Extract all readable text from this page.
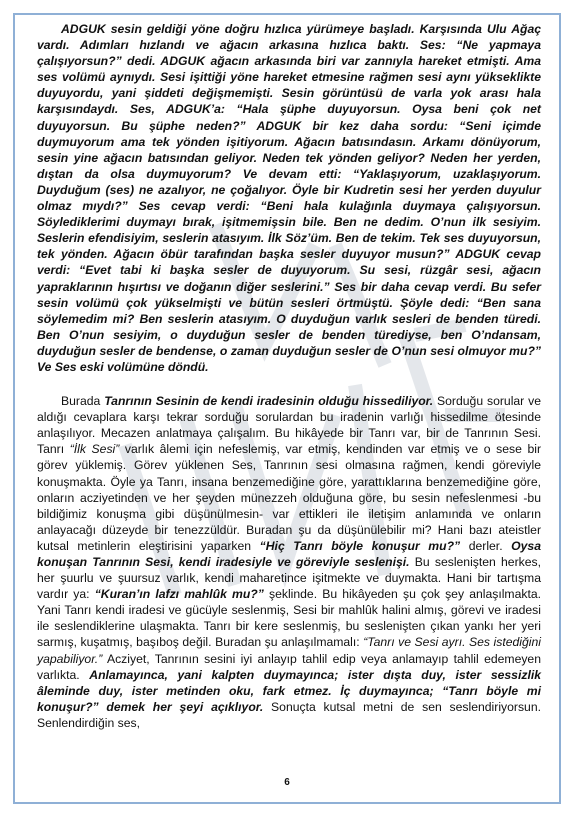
ADGUK sesin geldiği yöne doğru hızlıca yürümeye başladı. Karşısında Ulu Ağaç vardı. Adımları hızlandı ve ağacın arkasına hızlıca baktı. Ses: “Ne yapmaya çalışıyorsun?” dedi. ADGUK ağacın arkasında biri var zannıyla hareket etmişti. Ama ses volümü aynıydı. Sesi işittiği yöne hareket etmesine rağmen sesi aynı yükseklikte duyuyordu, yani şiddeti değişmemişti. Sesin görüntüsü de varla yok arası hala karşısındaydı. Ses, ADGUK’a: “Hala şüphe duyuyorsun. Oysa beni çok net duyuyorsun. Bu şüphe neden?” ADGUK bir kez daha sordu: “Seni içimde duymuyorum ama tek yönden işitiyorum. Ağacın batısındasın. Arkamı dönüyorum, sesin yine ağacın batısından geliyor. Neden tek yönden geliyor? Neden her yerden, dıştan da olsa duymuyorum? Ve devam etti: “Yaklaşıyorum, uzaklaşıyorum. Duyduğum (ses) ne azalıyor, ne çoğalıyor. Öyle bir Kudretin sesi her yerden duyulur olmaz mıydı?” Ses cevap verdi: “Beni hala kulağınla duymaya çalışıyorsun. Söylediklerimi duymayı bırak, işitmemişsin bile. Ben ne dedim. O’nun ilk sesiyim. Seslerin efendisiyim, seslerin atasıyım. İlk Söz’üm. Ben de tekim. Tek ses duyuyorsun, tek yönden. Ağacın öbür tarafından başka sesler duyuyor musun?” ADGUK cevap verdi: “Evet tabi ki başka sesler de duyuyorum. Su sesi, rüzgâr sesi, ağacın yapraklarının hışırtısı ve doğanın diğer seslerini.” Ses bir daha cevap verdi. Bu sefer sesin volümü çok yükselmişti ve bütün sesleri örtmüştü. Şöyle dedi: “Ben sana söylemedim mi? Ben seslerin atasıyım. O duyduğun varlık sesleri de benden türedi. Ben O’nun sesiyim, o duyduğun sesler de benden türediyse, ben O’ndansam, duyduğun sesler de bendense, o zaman duyduğun sesler de O’nun sesi olmuyor mu?” Ve Ses eski volümüne döndü.

Burada Tanrının Sesinin de kendi iradesinin olduğu hissediliyor. Sorduğu sorular ve aldığı cevaplara karşı tekrar sorduğu sorulardan bu iradenin varlığı hissedilme ötesinde anlaşılıyor. Mecazen anlatmaya çalışalım. Bu hikâyede bir Tanrı var, bir de Tanrının Sesi. Tanrı “İlk Sesi” varlık âlemi için nefeslemiş, var etmiş, kendinden var etmiş ve o sese bir görev yüklemiş. Görev yüklenen Ses, Tanrının sesi olmasına rağmen, kendi göreviyle konuşmakta. Öyle ya Tanrı, insana benzemediğine göre, yarattıklarına benzemediğine göre, onların acziyetinden ve her şeyden münezzeh olduğuna göre, bu sesin nefeslenmesi -bu bildiğimiz konuşma gibi düşünülmesin- var ettikleri ile iletişim anlamında ve onların anlayacağı düzeyde bir tenezzüldür. Buradan şu da düşünülebilir mi? Hani bazı ateistler kutsal metinlerin eleştirisini yaparken “Hiç Tanrı böyle konuşur mu?” derler. Oysa konuşan Tanrının Sesi, kendi iradesiyle ve göreviyle seslenişi. Bu seslenişten herkes, her şuurlu ve şuursuz varlık, kendi maharetince işitmekte ve duymakta. Hani bir tartışma vardır ya: “Kuran’ın lafzı mahlûk mu?” şeklinde. Bu hikâyeden şu çok şey anlaşılmakta. Yani Tanrı kendi iradesi ve gücüyle seslenmiş, Sesi bir mahlûk halini almış, görevi ve iradesi ile seslendiklerine ulaşmakta. Tanrı bir kere seslenmiş, bu seslenişten çıkan yankı her yeri sarmış, kuşatmış, başıboş değil. Buradan şu anlaşılmamalı: “Tanrı ve Sesi ayrı. Ses istediğini yapabiliyor.” Acziyet, Tanrının sesini iyi anlayıp tahlil edip veya anlamayıp tahlil edemeyen varlıkta. Anlamayınca, yani kalpten duymayınca; ister dışta duy, ister sessizlik âleminde duy, ister metinden oku, fark etmez. İç duymayınca; “Tanrı böyle mi konuşur?” demek her şeyi açıklıyor. Sonuçta kutsal metni de sen seslendiriyorsun. Senlendirdiğin ses,

6
